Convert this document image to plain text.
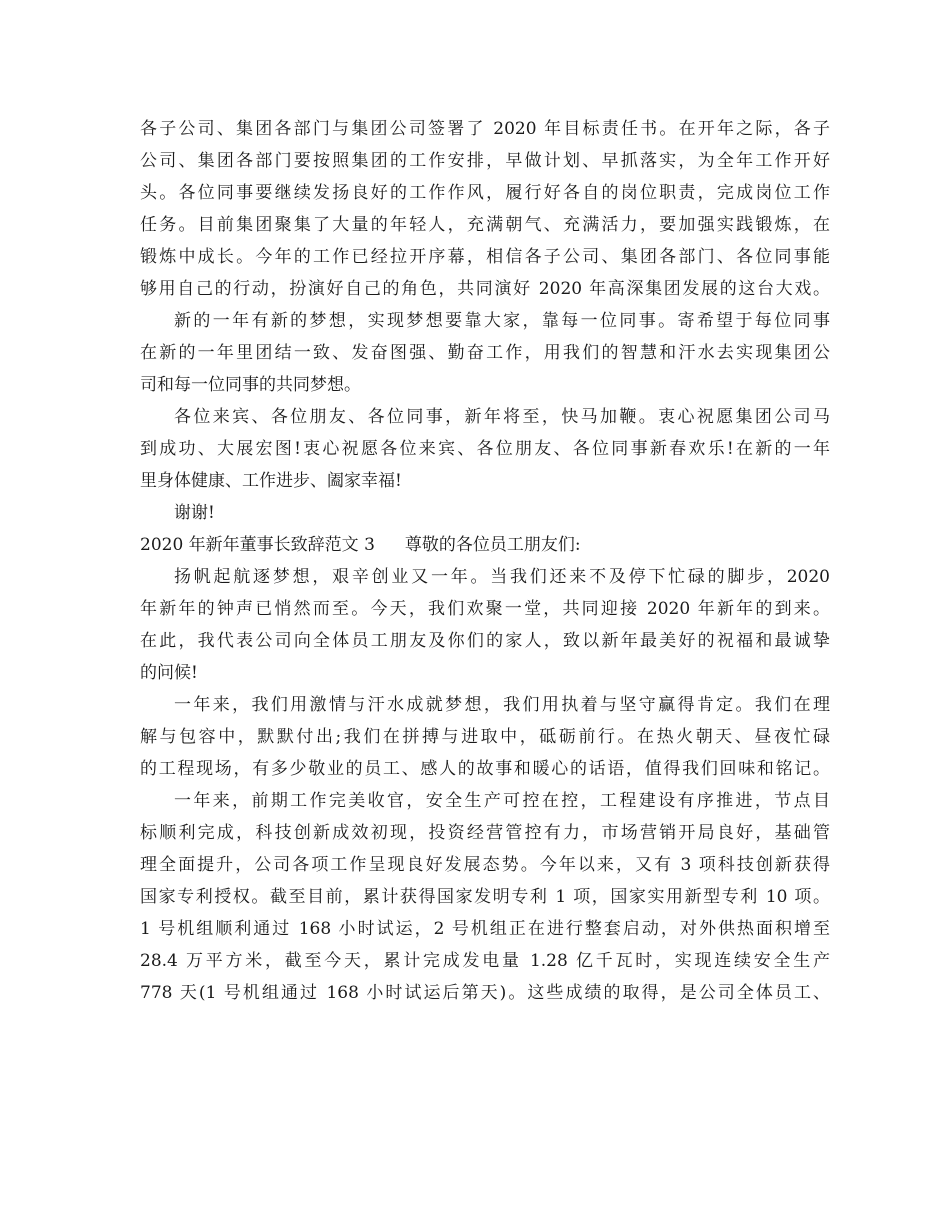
各子公司、集团各部门与集团公司签署了 2020 年目标责任书。在开年之际，各子
公司、集团各部门要按照集团的工作安排，早做计划、早抓落实，为全年工作开好
头。各位同事要继续发扬良好的工作作风，履行好各自的岗位职责，完成岗位工作
任务。目前集团聚集了大量的年轻人，充满朝气、充满活力，要加强实践锻炼，在
锻炼中成长。今年的工作已经拉开序幕，相信各子公司、集团各部门、各位同事能
够用自己的行动，扮演好自己的角色，共同演好 2020 年高深集团发展的这台大戏。
新的一年有新的梦想，实现梦想要靠大家，靠每一位同事。寄希望于每位同事
在新的一年里团结一致、发奋图强、勤奋工作，用我们的智慧和汗水去实现集团公
司和每一位同事的共同梦想。
各位来宾、各位朋友、各位同事，新年将至，快马加鞭。衷心祝愿集团公司马
到成功、大展宏图!衷心祝愿各位来宾、各位朋友、各位同事新春欢乐!在新的一年
里身体健康、工作进步、阖家幸福!
谢谢!
2020 年新年董事长致辞范文 3 尊敬的各位员工朋友们:
扬帆起航逐梦想，艰辛创业又一年。当我们还来不及停下忙碌的脚步，2020
年新年的钟声已悄然而至。今天，我们欢聚一堂，共同迎接 2020 年新年的到来。
在此，我代表公司向全体员工朋友及你们的家人，致以新年最美好的祝福和最诚挚
的问候!
一年来，我们用激情与汗水成就梦想，我们用执着与坚守赢得肯定。我们在理
解与包容中，默默付出;我们在拼搏与进取中，砥砺前行。在热火朝天、昼夜忙碌
的工程现场，有多少敬业的员工、感人的故事和暖心的话语，值得我们回味和铭记。
一年来，前期工作完美收官，安全生产可控在控，工程建设有序推进，节点目
标顺利完成，科技创新成效初现，投资经营管控有力，市场营销开局良好，基础管
理全面提升，公司各项工作呈现良好发展态势。今年以来，又有 3 项科技创新获得
国家专利授权。截至目前，累计获得国家发明专利 1 项，国家实用新型专利 10 项。
1 号机组顺利通过 168 小时试运，2 号机组正在进行整套启动，对外供热面积增至
28.4 万平方米，截至今天，累计完成发电量 1.28 亿千瓦时，实现连续安全生产
778 天(1 号机组通过 168 小时试运后第天)。这些成绩的取得，是公司全体员工、
